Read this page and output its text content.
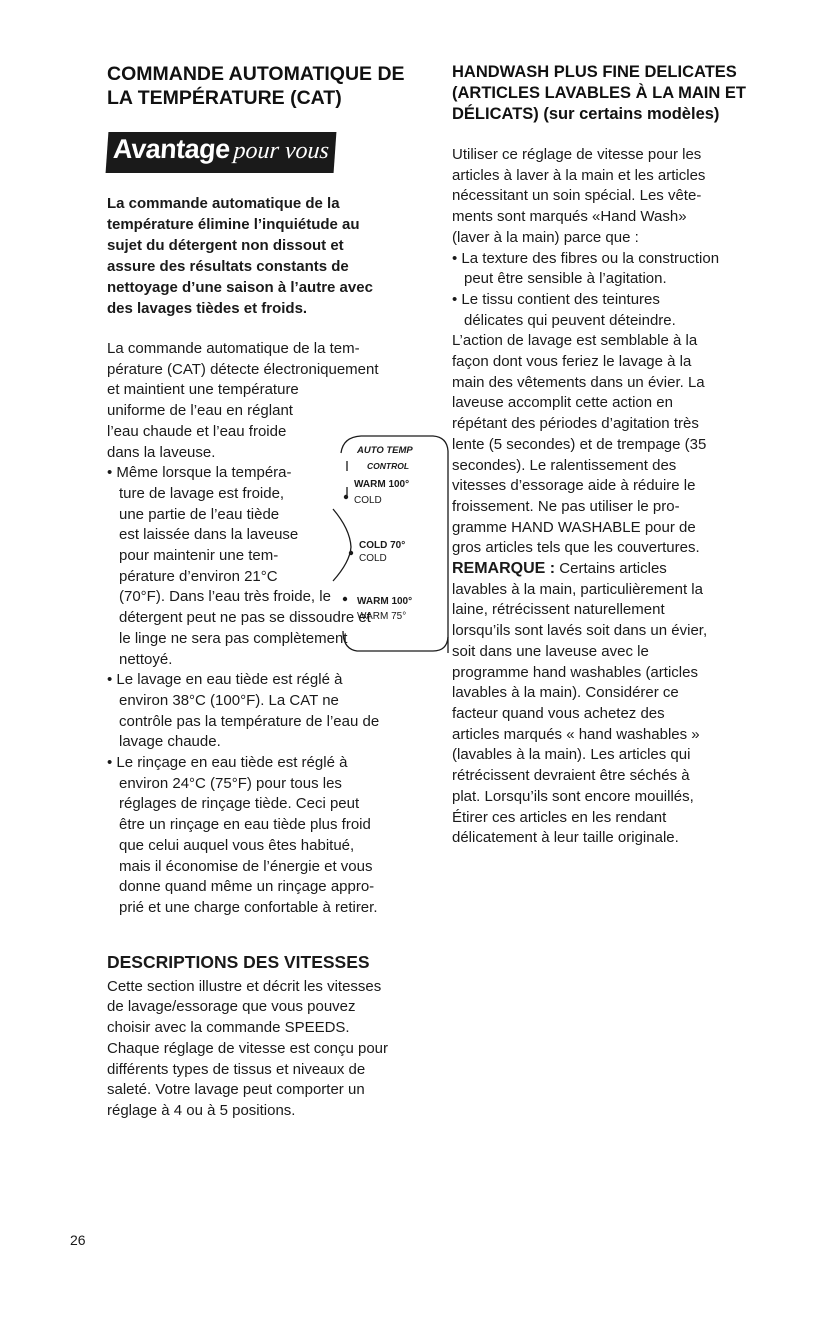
COMMANDE AUTOMATIQUE DE
LA TEMPÉRATURE (CAT)
Avantagepour vous
La commande automatique de la
température élimine l’inquiétude au
sujet du détergent non dissout et
assure des résultats constants de
nettoyage d’une saison à l’autre avec
des lavages tièdes et froids.
La commande automatique de la tem-
pérature (CAT) détecte électroniquement
et maintient une température
uniforme de l’eau en réglant
l’eau chaude et l’eau froide
dans la laveuse.
• Même lorsque la tempéra-
ture de lavage est froide,
une partie de l’eau tiède
est laissée dans la laveuse
pour maintenir une tem-
pérature d’environ 21°C
(70°F). Dans l’eau très froide, le
détergent peut ne pas se dissoudre et
le linge ne sera pas complètement
nettoyé.
• Le lavage en eau tiède est réglé à
environ 38°C (100°F). La CAT ne
contrôle pas la température de l’eau de
lavage chaude.
• Le rinçage en eau tiède est réglé à
environ 24°C (75°F) pour tous les
réglages de rinçage tiède. Ceci peut
être un rinçage en eau tiède plus froid
que celui auquel vous êtes habitué,
mais il économise de l’énergie et vous
donne quand même un rinçage appro-
prié et une charge confortable à retirer.
AUTO TEMP
CONTROL
WARM 100°
COLD
COLD 70°
COLD
WARM 100°
WARM 75°
DESCRIPTIONS DES VITESSES
Cette section illustre et décrit les vitesses
de lavage/essorage que vous pouvez
choisir avec la commande SPEEDS.
Chaque réglage de vitesse est conçu pour
différents types de tissus et niveaux de
saleté. Votre lavage peut comporter un
réglage à 4 ou à 5 positions.
HANDWASH PLUS FINE DELICATES
(ARTICLES LAVABLES À LA MAIN ET
DÉLICATS) (sur certains modèles)
Utiliser ce réglage de vitesse pour les
articles à laver à la main et les articles
nécessitant un soin spécial. Les vête-
ments sont marqués «Hand Wash»
(laver à la main) parce que :
• La texture des fibres ou la construction
peut être sensible à l’agitation.
• Le tissu contient des teintures
délicates qui peuvent déteindre.
L’action de lavage est semblable à la
façon dont vous feriez le lavage à la
main des vêtements dans un évier. La
laveuse accomplit cette action en
répétant des périodes d’agitation très
lente (5 secondes) et de trempage (35
secondes). Le ralentissement des
vitesses d’essorage aide à réduire le
froissement. Ne pas utiliser le pro-
gramme HAND WASHABLE pour de
gros articles tels que les couvertures.
REMARQUE : Certains articles
lavables à la main, particulièrement la
laine, rétrécissent naturellement
lorsqu’ils sont lavés soit dans un évier,
soit dans une laveuse avec le
programme hand washables (articles
lavables à la main). Considérer ce
facteur quand vous achetez des
articles marqués « hand washables »
(lavables à la main). Les articles qui
rétrécissent devraient être séchés à
plat. Lorsqu’ils sont encore mouillés,
Étirer ces articles en les rendant
délicatement à leur taille originale.
26
